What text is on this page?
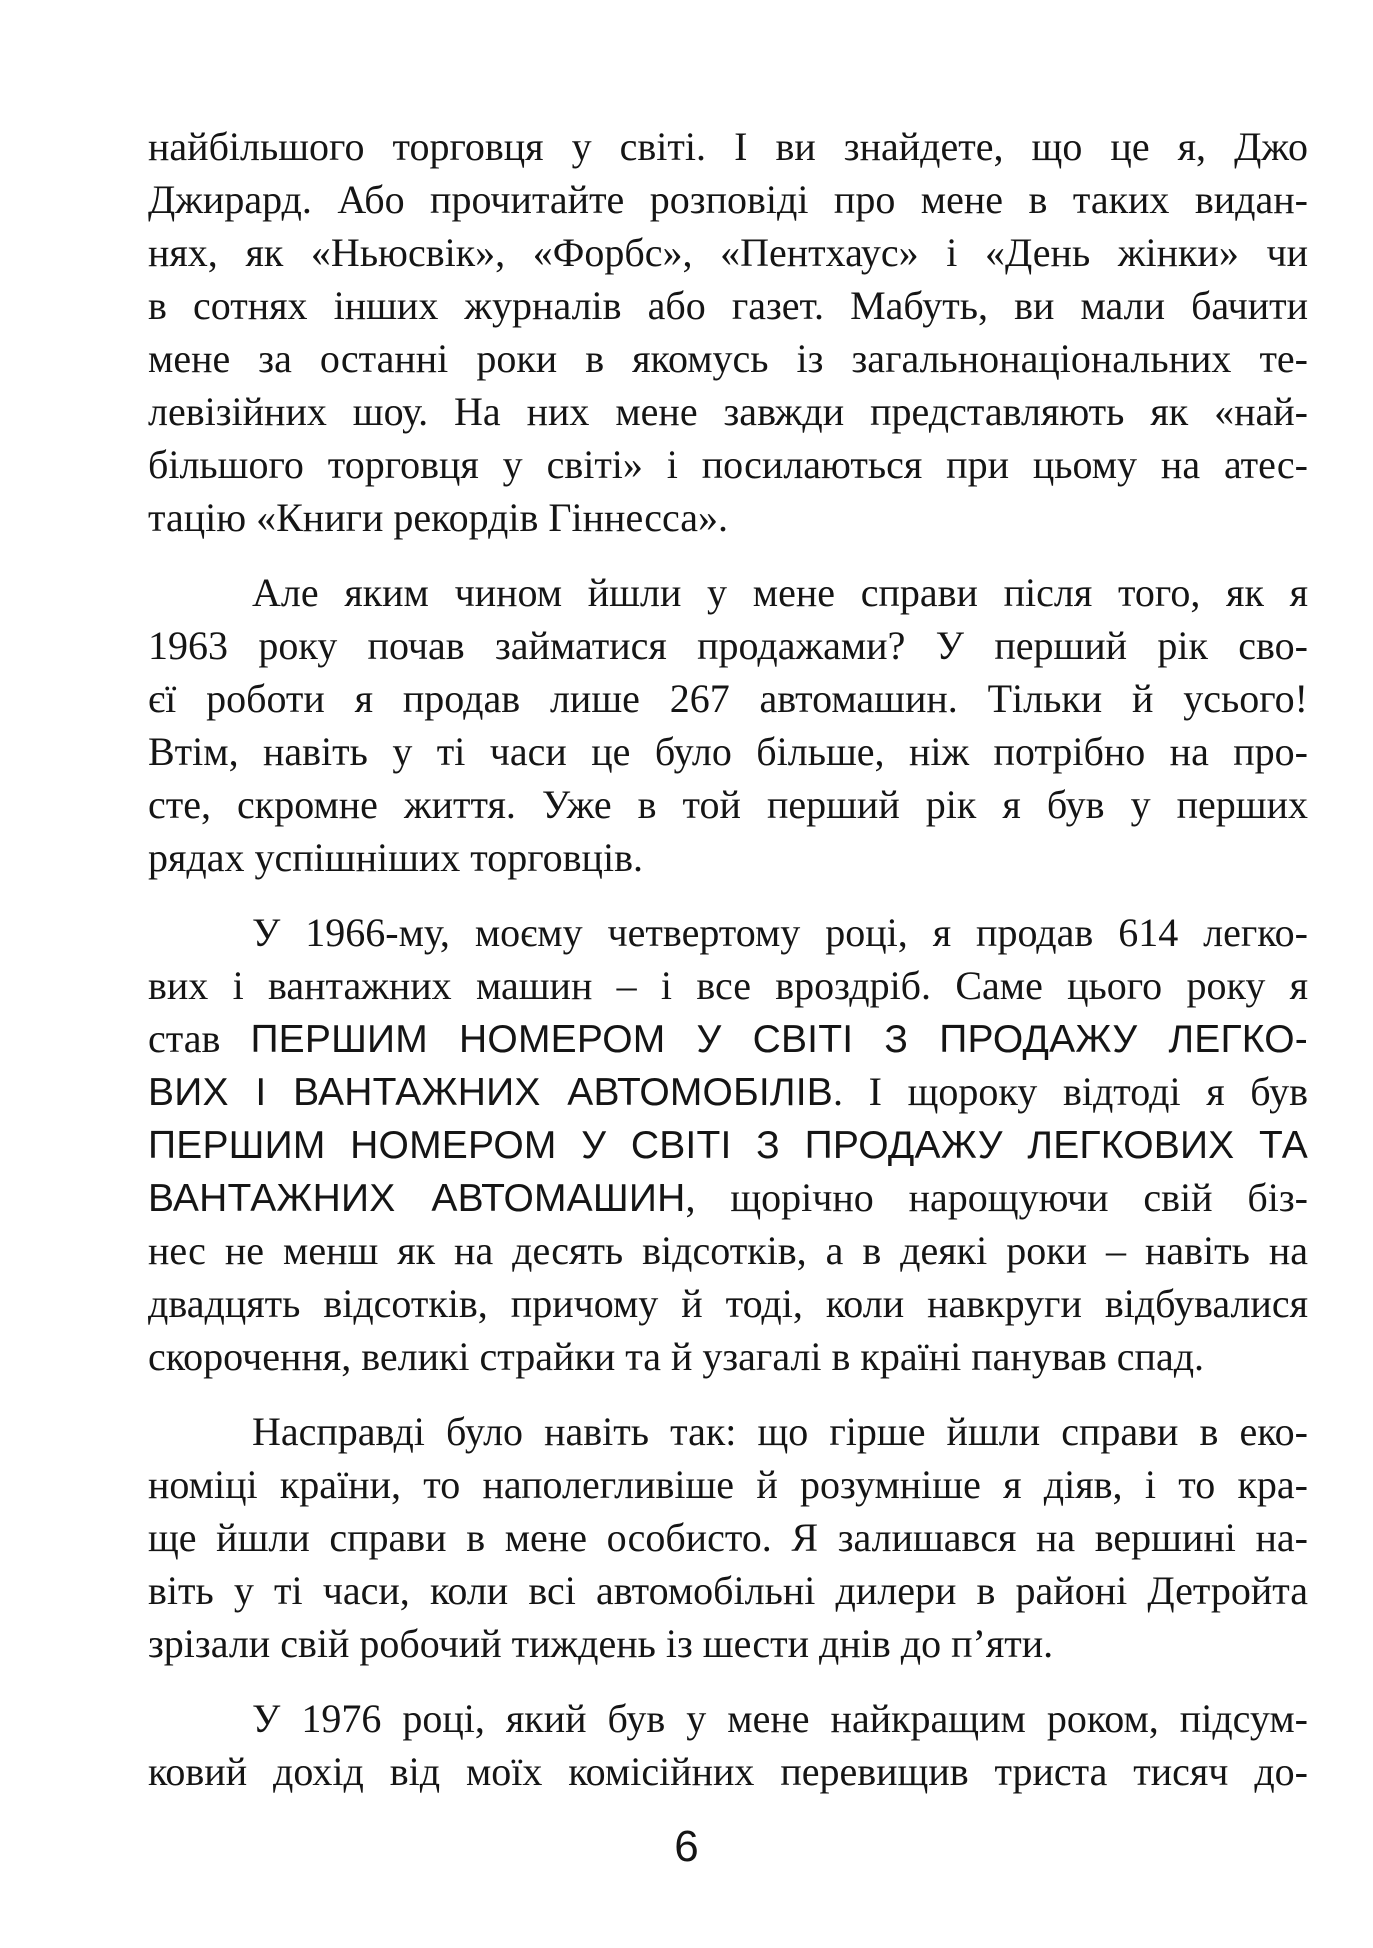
найбільшого торговця у світі. І ви знайдете, що це я, Джо
Джирард. Або прочитайте розповіді про мене в таких видан-
нях, як «Ньюсвік», «Форбс», «Пентхаус» і «День жінки» чи
в сотнях інших журналів або газет. Мабуть, ви мали бачити
мене за останні роки в якомусь із загальнонаціональних те-
левізійних шоу. На них мене завжди представляють як «най-
більшого торговця у світі» і посилаються при цьому на атес-
тацію «Книги рекордів Гіннесса».
Але яким чином йшли у мене справи після того, як я
1963 року почав займатися продажами? У перший рік сво-
єї роботи я продав лише 267 автомашин. Тільки й усього!
Втім, навіть у ті часи це було більше, ніж потрібно на про-
сте, скромне життя. Уже в той перший рік я був у перших
рядах успішніших торговців.
У 1966-му, моєму четвертому році, я продав 614 легко-
вих і вантажних машин – і все вроздріб. Саме цього року я
став ПЕРШИМ НОМЕРОМ У СВІТІ З ПРОДАЖУ ЛЕГКО-
ВИХ І ВАНТАЖНИХ АВТОМОБІЛІВ. І щороку відтоді я був
ПЕРШИМ НОМЕРОМ У СВІТІ З ПРОДАЖУ ЛЕГКОВИХ ТА
ВАНТАЖНИХ АВТОМАШИН, щорічно нарощуючи свій біз-
нес не менш як на десять відсотків, а в деякі роки – навіть на
двадцять відсотків, причому й тоді, коли навкруги відбувалися
скорочення, великі страйки та й узагалі в країні панував спад.
Насправді було навіть так: що гірше йшли справи в еко-
номіці країни, то наполегливіше й розумніше я діяв, і то кра-
ще йшли справи в мене особисто. Я залишався на вершині на-
віть у ті часи, коли всі автомобільні дилери в районі Детройта
зрізали свій робочий тиждень із шести днів до п’яти.
У 1976 році, який був у мене найкращим роком, підсум-
ковий дохід від моїх комісійних перевищив триста тисяч до-
6
